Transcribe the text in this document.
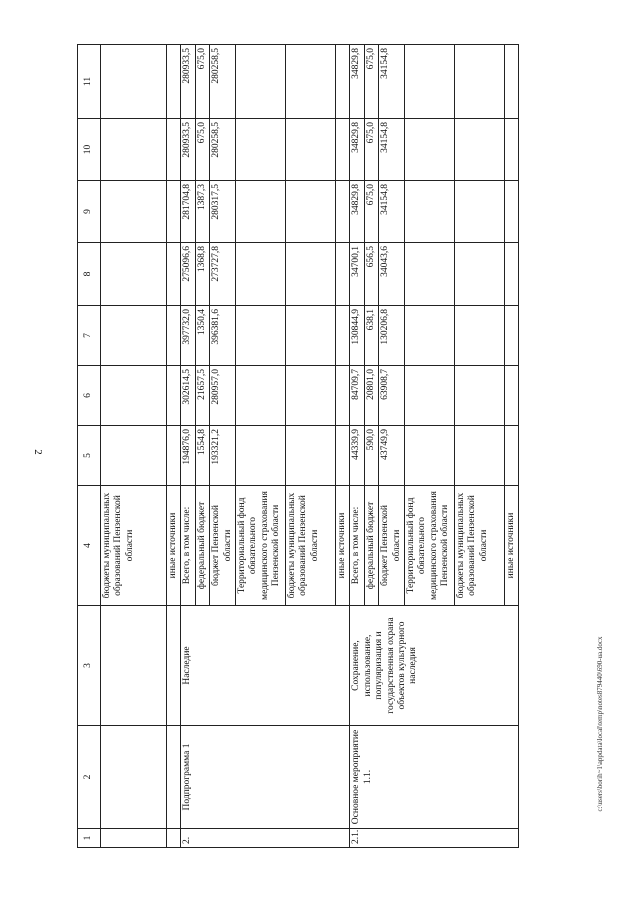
2
1	2	3	4	5	6	7	8	9	10	11
			бюджеты муниципальных образований Пензенской области							
			иные источники							
2.	Подпрограмма 1	Наследие	Всего, в том числе:	194876,0	302614,5	397732,0	275096,6	281704,8	280933,5	280933,5
			федеральный бюджет	1554,8	21657,5	1350,4	1368,8	1387,3	675,0	675,0
			бюджет Пензенской области	193321,2	280957,0	396381,6	273727,8	280317,5	280258,5	280258,5
			Территориальный фонд обязательного медицинского страхования Пензенской области							
			бюджеты муниципальных образований Пензенской области							
			иные источники							
2.1.	Основное мероприятие 1.1.	Сохранение, использование, популяризация и государственная охрана объектов культурного наследия	Всего, в том числе:	44339,9	84709,7	130844,9	34700,1	34829,8	34829,8	34829,8
			федеральный бюджет	590,0	20801,0	638,1	656,5	675,0	675,0	675,0
			бюджет Пензенской области	43749,9	63908,7	130206,8	34043,6	34154,8	34154,8	34154,8
			Территориальный фонд обязательного медицинского страхования Пензенской области							
			бюджеты муниципальных образований Пензенской области							
			иные источники							
c:\users\borih~1\appdata\local\temp\notes879440\690-ua.docx
